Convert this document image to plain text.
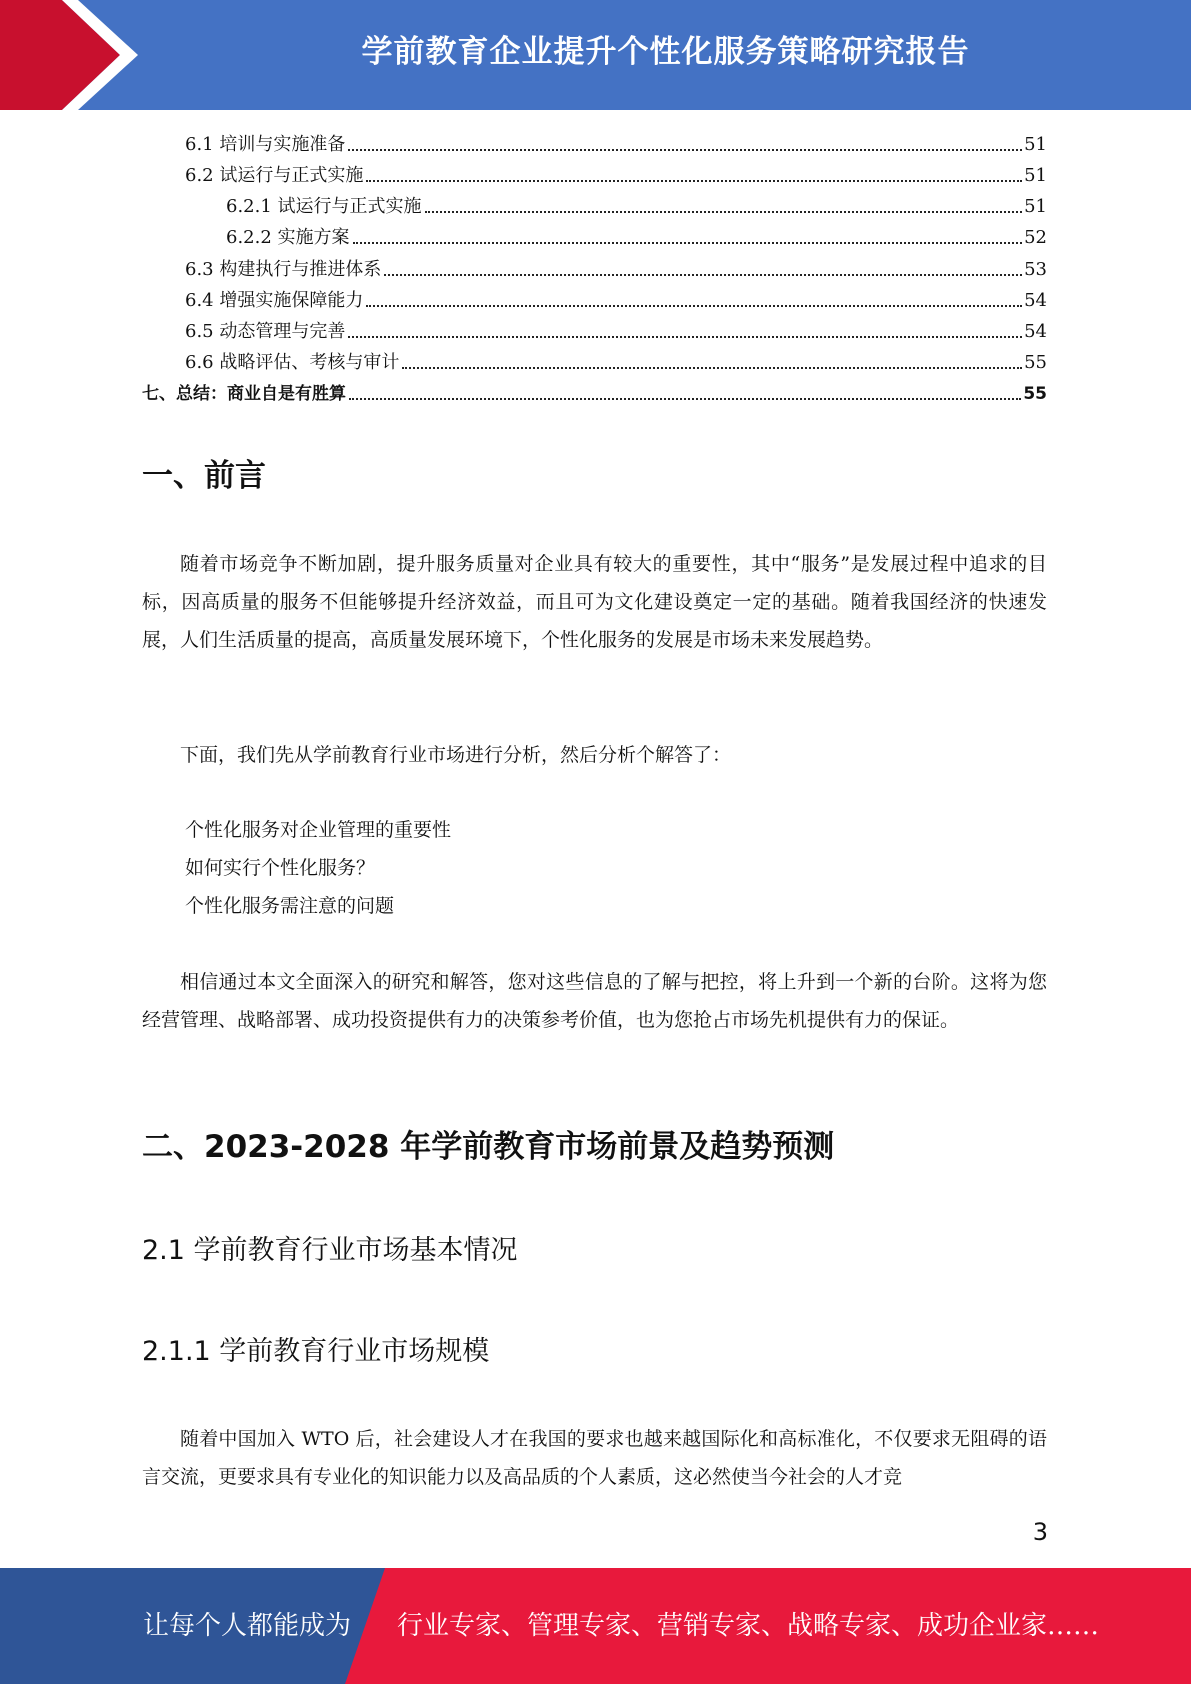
学前教育企业提升个性化服务策略研究报告
6.1 培训与实施准备	51
6.2 试运行与正式实施	51
6.2.1 试运行与正式实施	51
6.2.2 实施方案	52
6.3 构建执行与推进体系	53
6.4 增强实施保障能力	54
6.5 动态管理与完善	54
6.6 战略评估、考核与审计	55
七、总结：商业自是有胜算	55
一、前言
随着市场竞争不断加剧，提升服务质量对企业具有较大的重要性，其中“服务”是发展过程中追求的目标，因高质量的服务不但能够提升经济效益，而且可为文化建设奠定一定的基础。随着我国经济的快速发展，人们生活质量的提高，高质量发展环境下，个性化服务的发展是市场未来发展趋势。
下面，我们先从学前教育行业市场进行分析，然后分析个解答了：
个性化服务对企业管理的重要性
如何实行个性化服务？
个性化服务需注意的问题
相信通过本文全面深入的研究和解答，您对这些信息的了解与把控，将上升到一个新的台阶。这将为您经营管理、战略部署、成功投资提供有力的决策参考价值，也为您抢占市场先机提供有力的保证。
二、2023-2028 年学前教育市场前景及趋势预测
2.1 学前教育行业市场基本情况
2.1.1 学前教育行业市场规模
随着中国加入 WTO 后，社会建设人才在我国的要求也越来越国际化和高标准化，不仅要求无阻碍的语言交流，更要求具有专业化的知识能力以及高品质的个人素质，这必然使当今社会的人才竞
3
让每个人都能成为 行业专家、管理专家、营销专家、战略专家、成功企业家……
